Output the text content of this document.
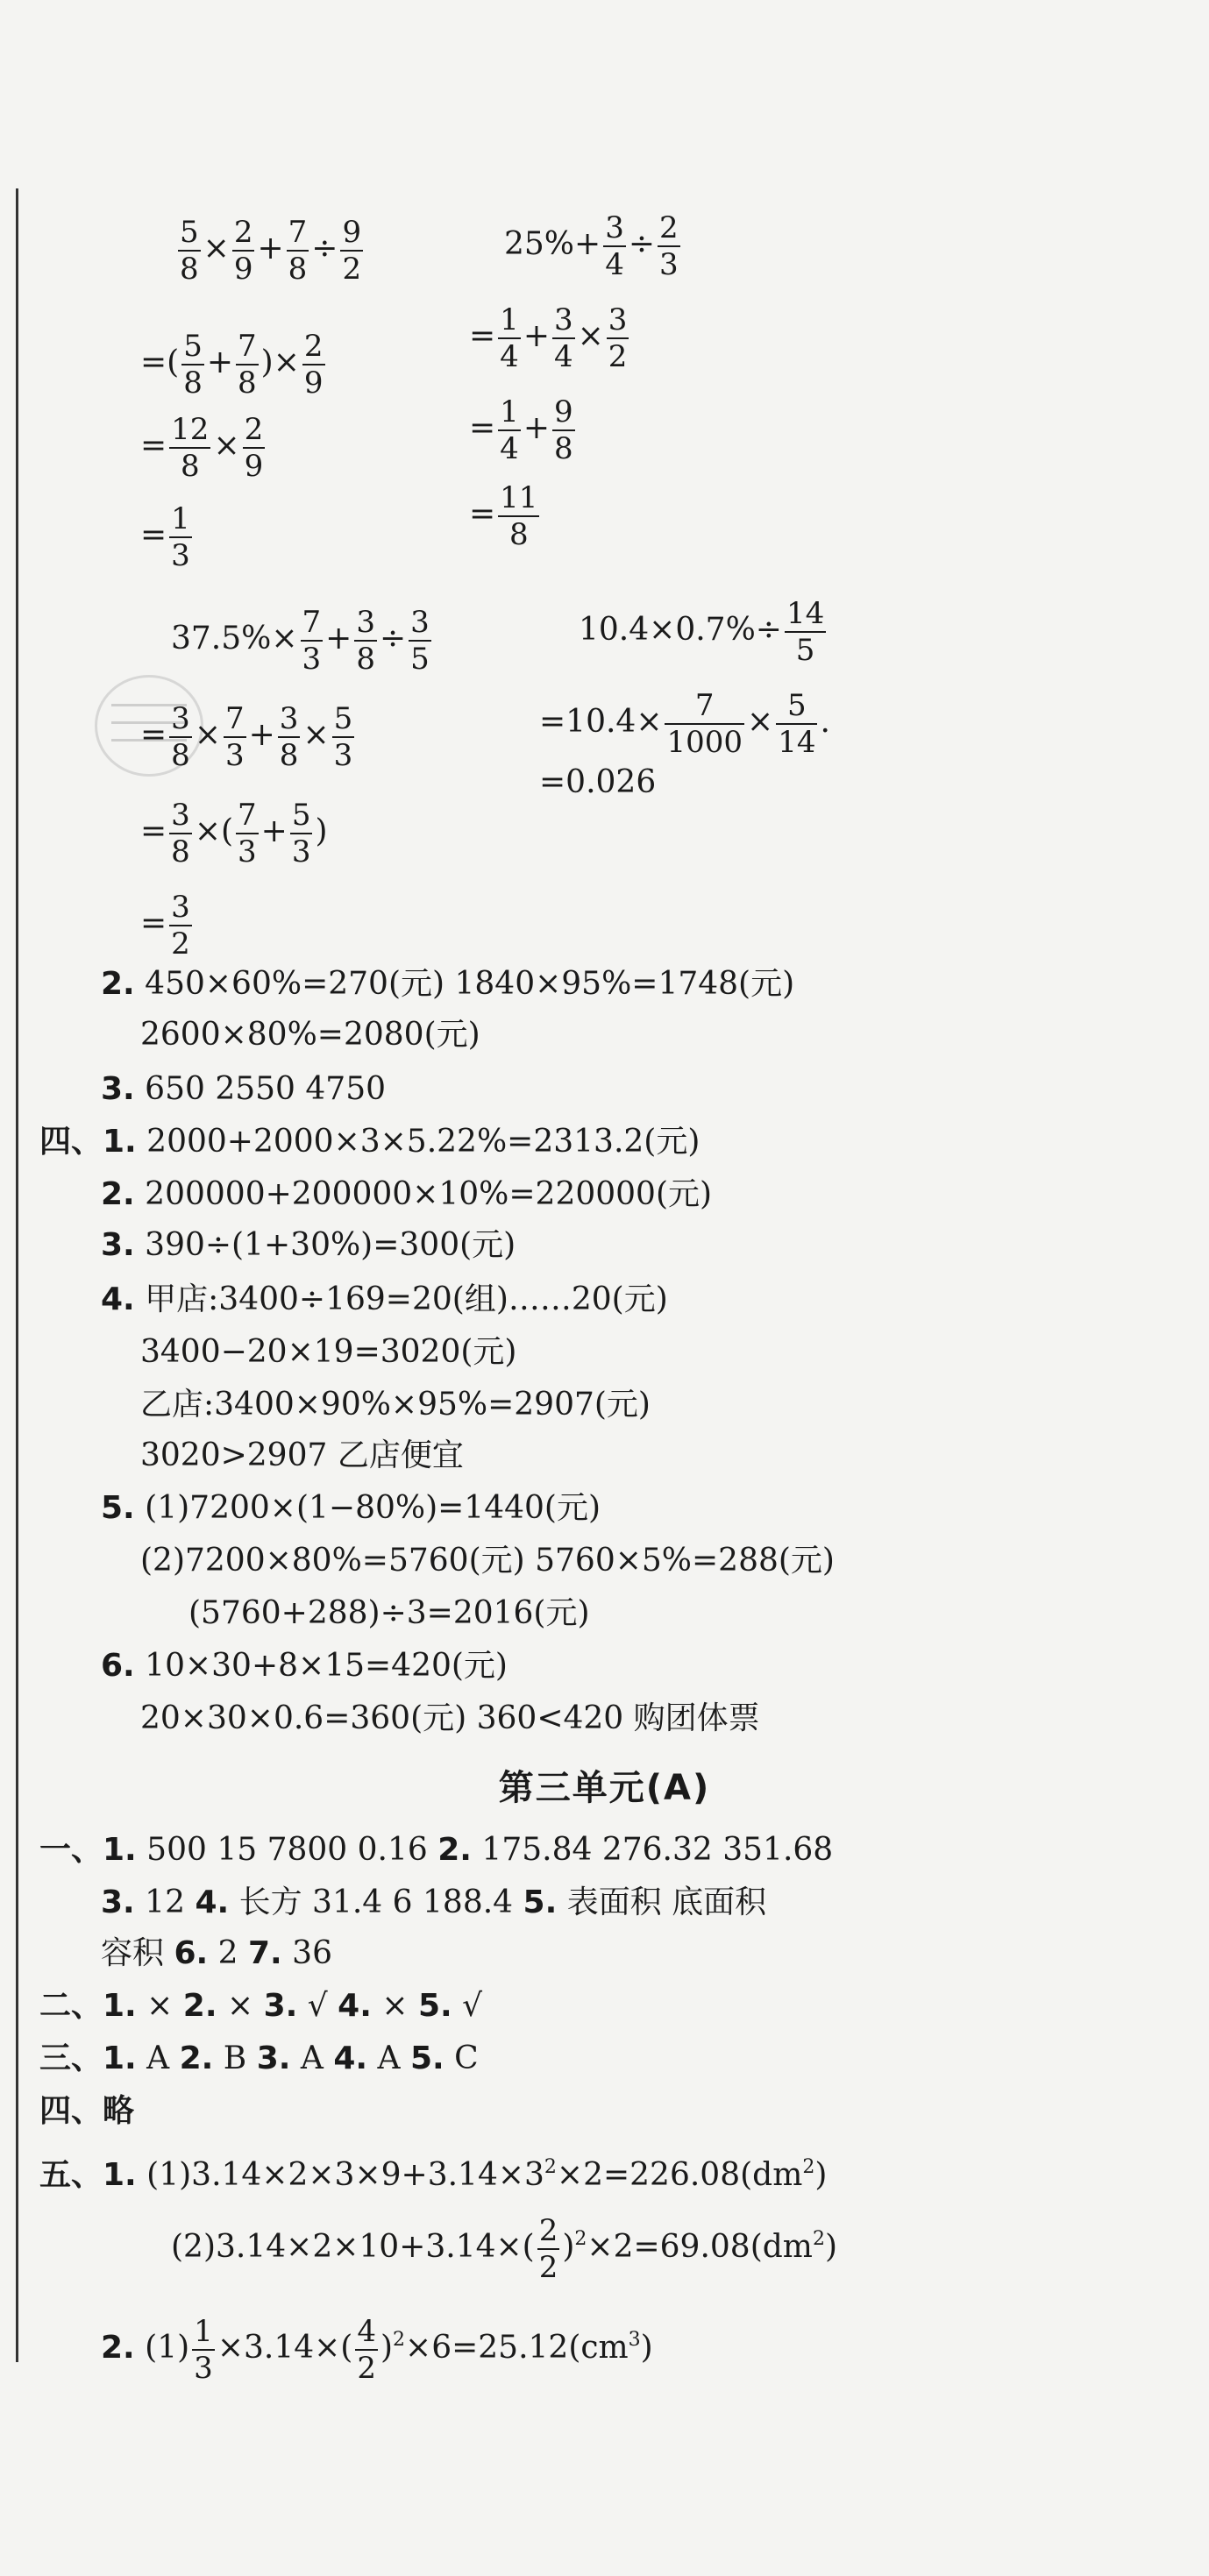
$\frac{5}{8} \times \frac{2}{9} + \frac{7}{8} \div \frac{9}{2}$
=( $\frac{5}{8} + \frac{7}{8}$ )× $\frac{2}{9}$
= $\frac{12}{8} \times \frac{2}{9}$
= $\frac{1}{3}$
$25\%+ \frac{3}{4} \div \frac{2}{3}$
= $\frac{1}{4} + \frac{3}{4} \times \frac{3}{2}$
= $\frac{1}{4} + \frac{9}{8}$
= $\frac{11}{8}$
$37.5\%\times \frac{7}{3} + \frac{3}{8} \div \frac{3}{5}$
= $\frac{3}{8} \times \frac{7}{3} + \frac{3}{8} \times \frac{5}{3}$
= $\frac{3}{8}$ ×( $\frac{7}{3} + \frac{5}{3}$ )
= $\frac{3}{2}$
$10.4\times 0.7\%\div \frac{14}{5}$
$=10.4\times \frac{7}{1000} \times \frac{5}{14}$ .
=0.026
2. 450×60%=270(元) 1840×95%=1748(元)
2600×80%=2080(元)
3. 650 2550 4750
四、1. 2000+2000×3×5.22%=2313.2(元)
2. 200000+200000×10%=220000(元)
3. 390÷(1+30%)=300(元)
4. 甲店:3400÷169=20(组)……20(元)
3400−20×19=3020(元)
乙店:3400×90%×95%=2907(元)
3020>2907 乙店便宜
5. (1)7200×(1−80%)=1440(元)
(2)7200×80%=5760(元) 5760×5%=288(元)
(5760+288)÷3=2016(元)
6. 10×30+8×15=420(元)
20×30×0.6=360(元) 360<420 购团体票
第三单元(A)
一、1. 500 15 7800 0.16 2. 175.84 276.32 351.68
3. 12 4. 长方 31.4 6 188.4 5. 表面积 底面积
容积 6. 2 7. 36
二、1. × 2. × 3. √ 4. × 5. √
三、1. A 2. B 3. A 4. A 5. C
四、略
五、1. $(1)3.14\times 2\times 3\times 9+3.14\times 3^2\times 2=226.08(dm^2)$
$(2)3.14\times 2\times 10+3.14\times( \frac{2}{2} )^2\times 2=69.08(dm^2)$
2. $(1) \frac{1}{3} \times 3.14\times( \frac{4}{2} )^2\times 6=25.12(cm^3)$
